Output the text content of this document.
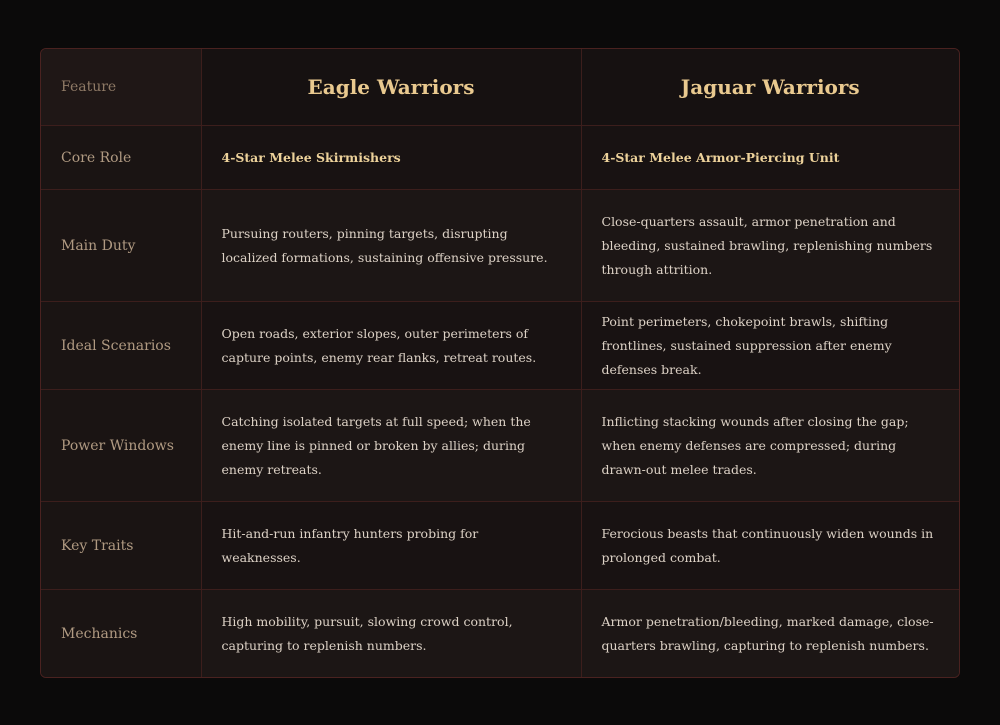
Feature	Eagle Warriors	Jaguar Warriors
Core Role	4-Star Melee Skirmishers	4-Star Melee Armor-Piercing Unit
Main Duty	Pursuing routers, pinning targets, disrupting localized formations, sustaining offensive pressure.	Close-quarters assault, armor penetration and bleeding, sustained brawling, replenishing numbers through attrition.
Ideal Scenarios	Open roads, exterior slopes, outer perimeters of capture points, enemy rear flanks, retreat routes.	Point perimeters, chokepoint brawls, shifting frontlines, sustained suppression after enemy defenses break.
Power Windows	Catching isolated targets at full speed; when the enemy line is pinned or broken by allies; during enemy retreats.	Inflicting stacking wounds after closing the gap; when enemy defenses are compressed; during drawn-out melee trades.
Key Traits	Hit-and-run infantry hunters probing for weaknesses.	Ferocious beasts that continuously widen wounds in prolonged combat.
Mechanics	High mobility, pursuit, slowing crowd control, capturing to replenish numbers.	Armor penetration/bleeding, marked damage, close-quarters brawling, capturing to replenish numbers.
